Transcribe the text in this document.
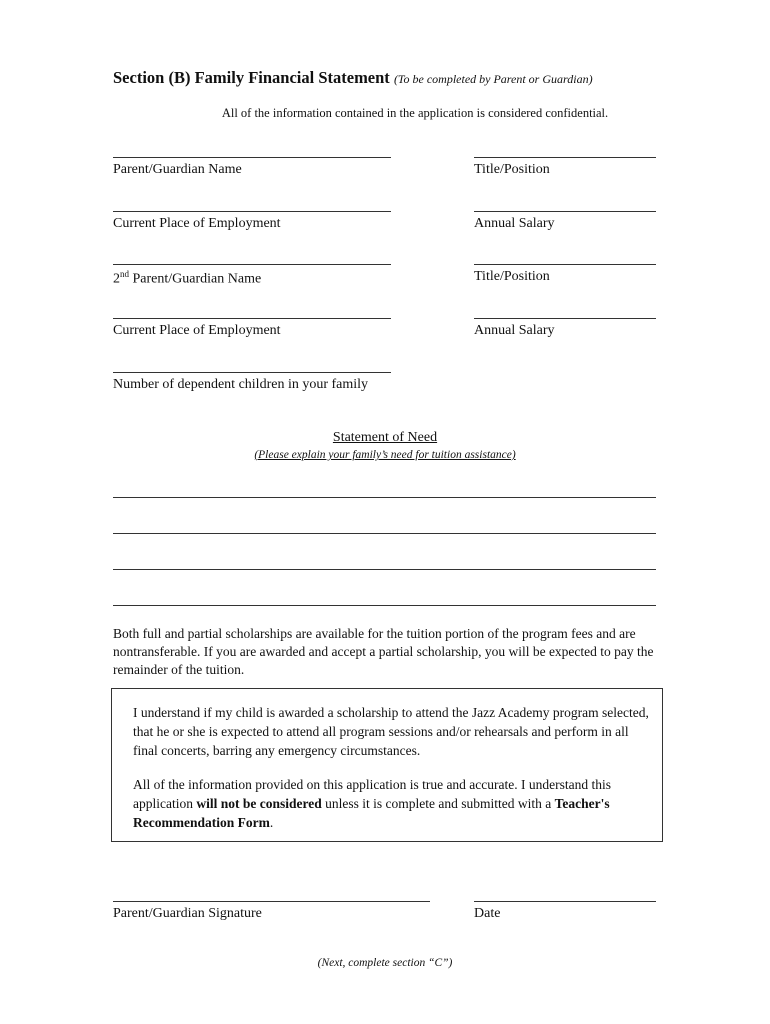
Section (B) Family Financial Statement (To be completed by Parent or Guardian)
All of the information contained in the application is considered confidential.
Parent/Guardian Name	Title/Position
Current Place of Employment	Annual Salary
2nd Parent/Guardian Name	Title/Position
Current Place of Employment	Annual Salary
Number of dependent children in your family
Statement of Need
(Please explain your family’s need for tuition assistance)
Both full and partial scholarships are available for the tuition portion of the program fees and are nontransferable. If you are awarded and accept a partial scholarship, you will be expected to pay the remainder of the tuition.
I understand if my child is awarded a scholarship to attend the Jazz Academy program selected, that he or she is expected to attend all program sessions and/or rehearsals and perform in all final concerts, barring any emergency circumstances.
All of the information provided on this application is true and accurate. I understand this application will not be considered unless it is complete and submitted with a Teacher's Recommendation Form.
Parent/Guardian Signature	Date
(Next, complete section “C”)
